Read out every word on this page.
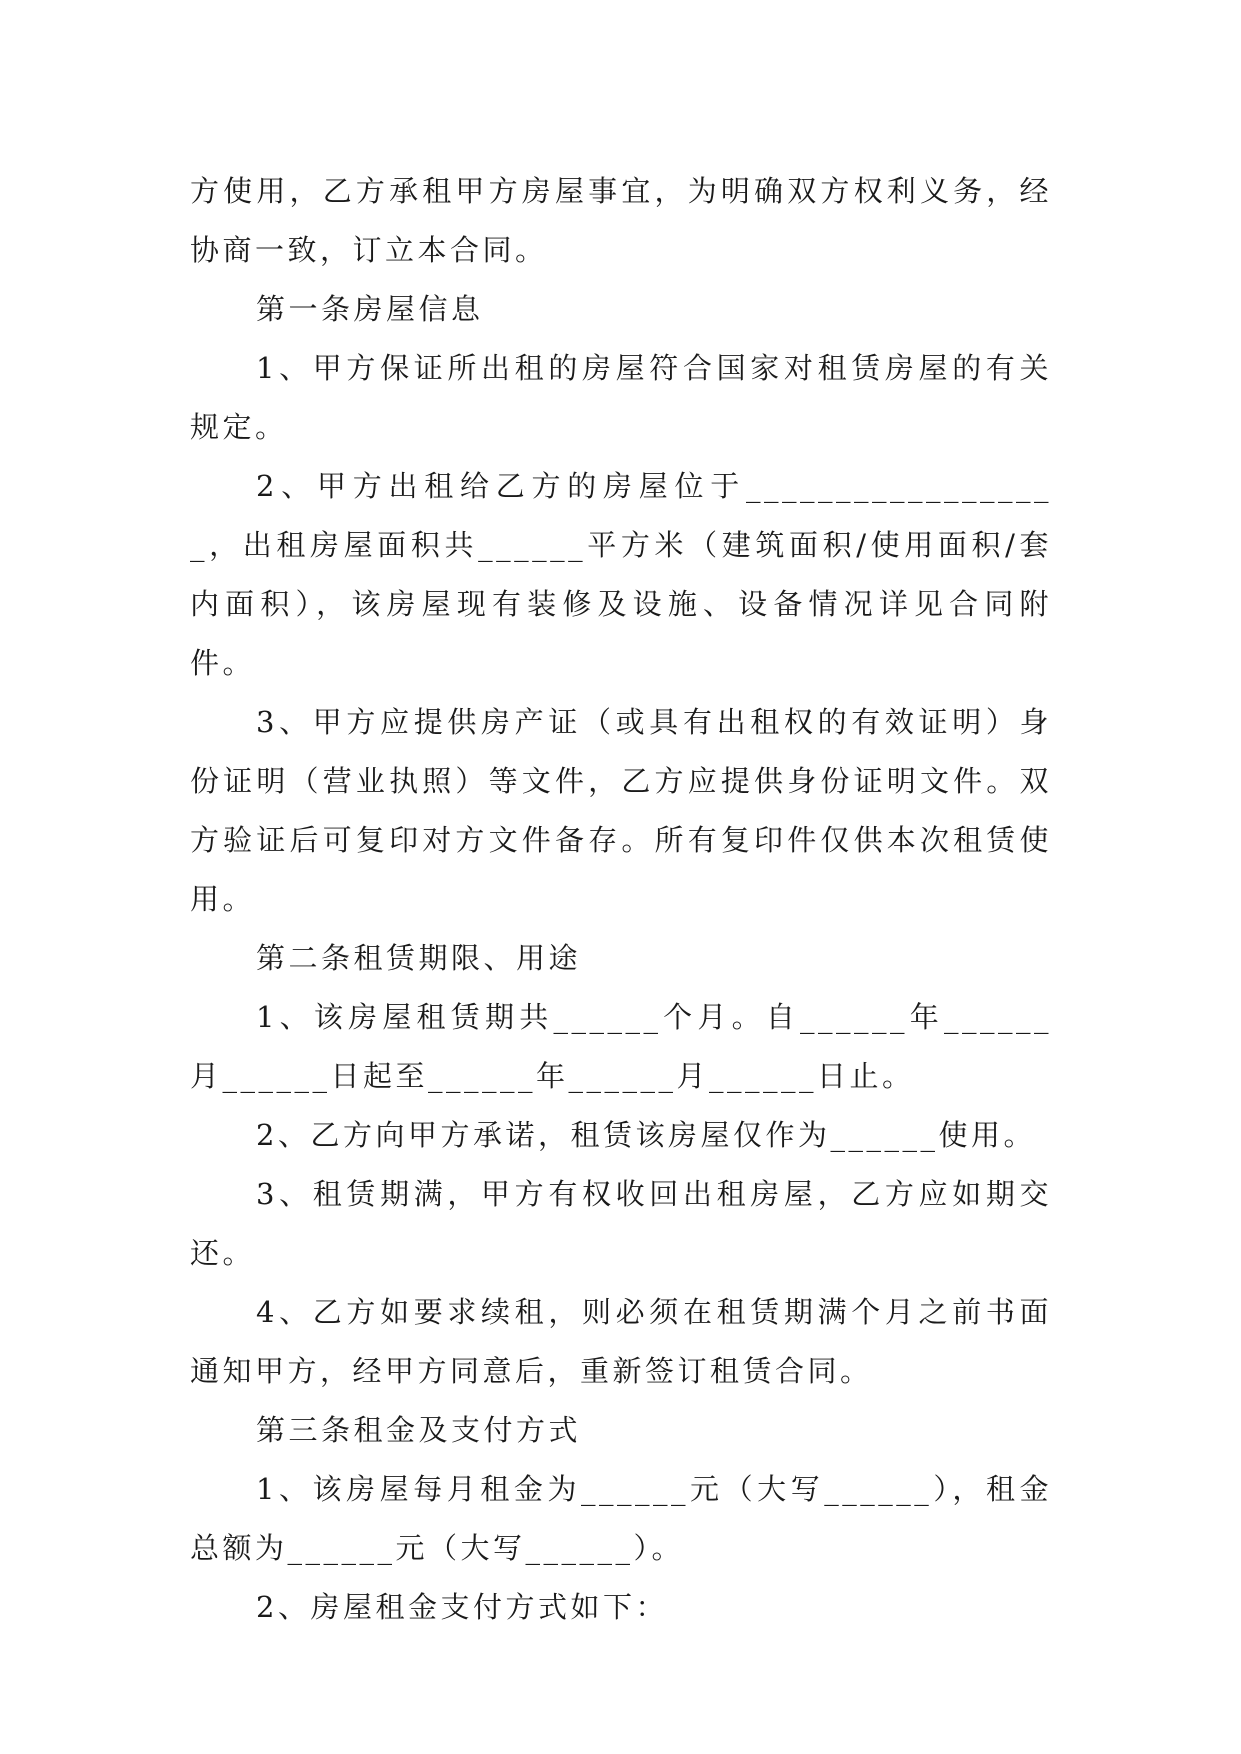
方使用，乙方承租甲方房屋事宜，为明确双方权利义务，经协商一致，订立本合同。

第一条房屋信息

1、甲方保证所出租的房屋符合国家对租赁房屋的有关规定。

2、甲方出租给乙方的房屋位于__________________，出租房屋面积共______平方米（建筑面积/使用面积/套内面积），该房屋现有装修及设施、设备情况详见合同附件。

3、甲方应提供房产证（或具有出租权的有效证明）身份证明（营业执照）等文件，乙方应提供身份证明文件。双方验证后可复印对方文件备存。所有复印件仅供本次租赁使用。

第二条租赁期限、用途

1、该房屋租赁期共______个月。自______年______月______日起至______年______月______日止。

2、乙方向甲方承诺，租赁该房屋仅作为______使用。

3、租赁期满，甲方有权收回出租房屋，乙方应如期交还。

4、乙方如要求续租，则必须在租赁期满个月之前书面通知甲方，经甲方同意后，重新签订租赁合同。

第三条租金及支付方式

1、该房屋每月租金为______元（大写______），租金总额为______元（大写______）。

2、房屋租金支付方式如下：
